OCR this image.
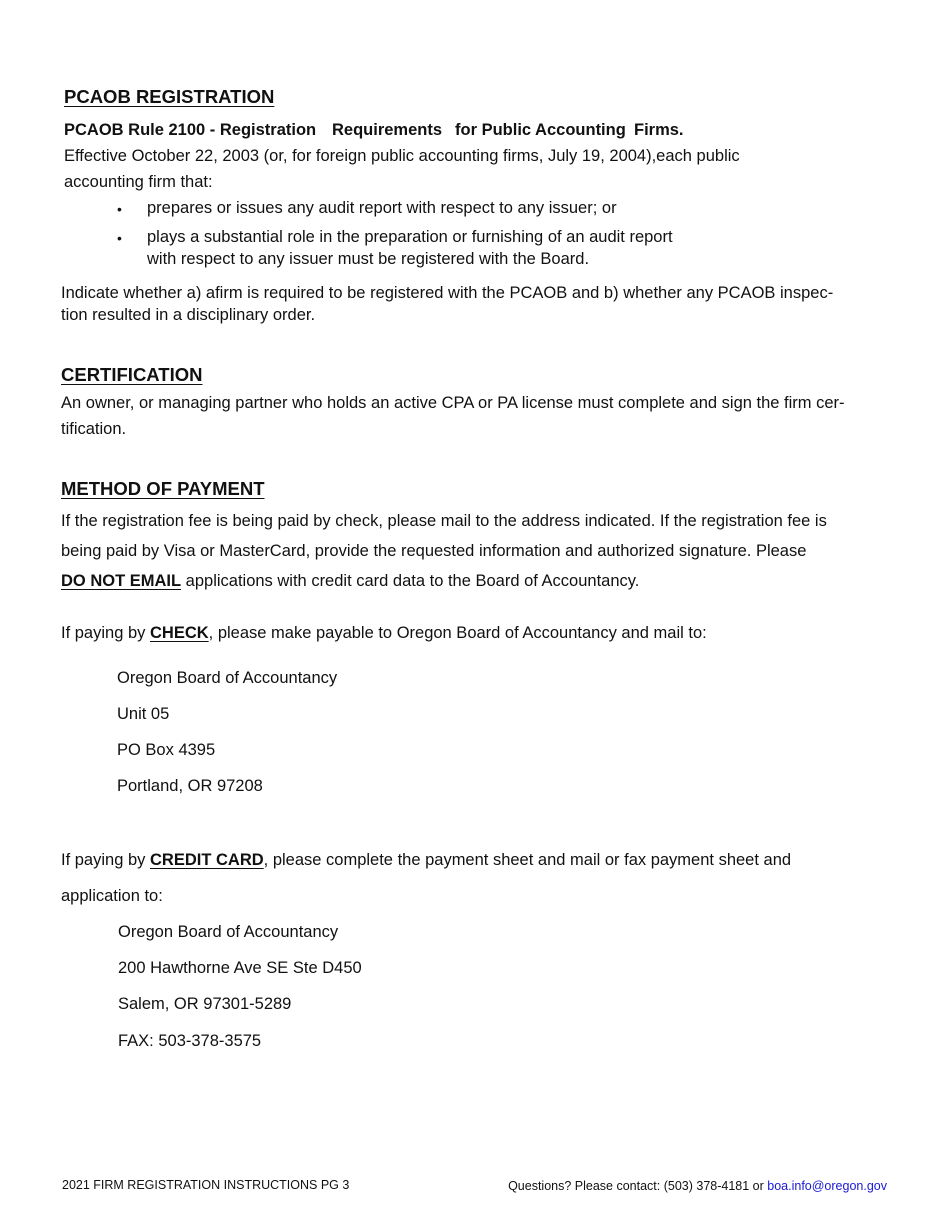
PCAOB REGISTRATION
PCAOB Rule 2100 - Registration Requirements for Public Accounting Firms.
Effective October 22, 2003 (or, for foreign public accounting firms, July 19, 2004),each public
accounting firm that:
• prepares or issues any audit report with respect to any issuer; or
• plays a substantial role in the preparation or furnishing of an audit report
with respect to any issuer must be registered with the Board.
Indicate whether a) afirm is required to be registered with the PCAOB and b) whether any PCAOB inspec-
tion resulted in a disciplinary order.
CERTIFICATION
An owner, or managing partner who holds an active CPA or PA license must complete and sign the firm cer-
tification.
METHOD OF PAYMENT
If the registration fee is being paid by check, please mail to the address indicated. If the registration fee is
being paid by Visa or MasterCard, provide the requested information and authorized signature. Please
DO NOT EMAIL applications with credit card data to the Board of Accountancy.
If paying by CHECK, please make payable to Oregon Board of Accountancy and mail to:
Oregon Board of Accountancy
Unit 05
PO Box 4395
Portland, OR 97208
If paying by CREDIT CARD, please complete the payment sheet and mail or fax payment sheet and
application to:
Oregon Board of Accountancy
200 Hawthorne Ave SE Ste D450
Salem, OR 97301-5289
FAX: 503-378-3575
2021 FIRM REGISTRATION INSTRUCTIONS PG 3	Questions? Please contact: (503) 378-4181 or boa.info@oregon.gov
